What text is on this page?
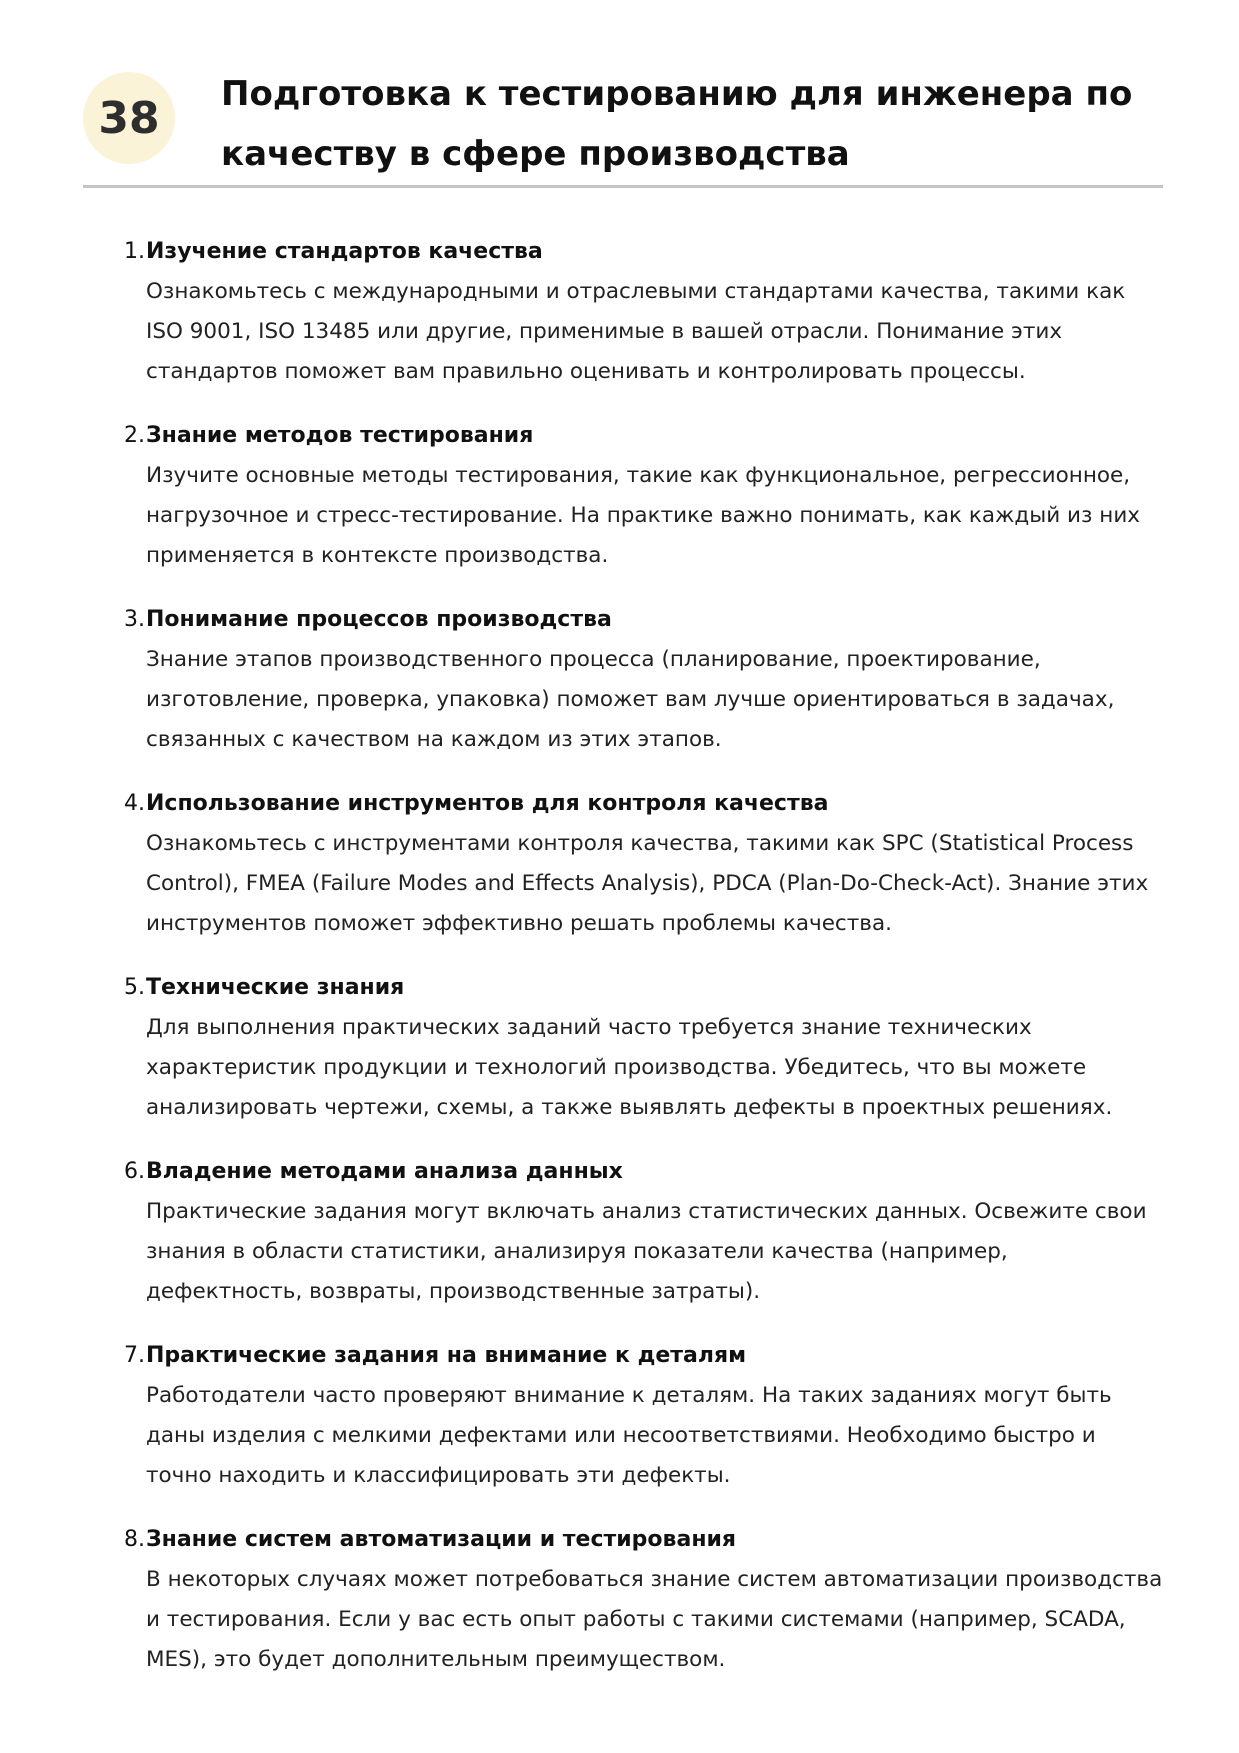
38	Подготовка к тестированию для инженера по качеству в сфере производства
1. Изучение стандартов качества

Ознакомьтесь с международными и отраслевыми стандартами качества, такими как ISO 9001, ISO 13485 или другие, применимые в вашей отрасли. Понимание этих стандартов поможет вам правильно оценивать и контролировать процессы.

2. Знание методов тестирования

Изучите основные методы тестирования, такие как функциональное, регрессионное, нагрузочное и стресс-тестирование. На практике важно понимать, как каждый из них применяется в контексте производства.

3. Понимание процессов производства

Знание этапов производственного процесса (планирование, проектирование, изготовление, проверка, упаковка) поможет вам лучше ориентироваться в задачах, связанных с качеством на каждом из этих этапов.

4. Использование инструментов для контроля качества

Ознакомьтесь с инструментами контроля качества, такими как SPC (Statistical Process Control), FMEA (Failure Modes and Effects Analysis), PDCA (Plan-Do-Check-Act). Знание этих инструментов поможет эффективно решать проблемы качества.

5. Технические знания

Для выполнения практических заданий часто требуется знание технических характеристик продукции и технологий производства. Убедитесь, что вы можете анализировать чертежи, схемы, а также выявлять дефекты в проектных решениях.

6. Владение методами анализа данных

Практические задания могут включать анализ статистических данных. Освежите свои знания в области статистики, анализируя показатели качества (например, дефектность, возвраты, производственные затраты).

7. Практические задания на внимание к деталям

Работодатели часто проверяют внимание к деталям. На таких заданиях могут быть даны изделия с мелкими дефектами или несоответствиями. Необходимо быстро и точно находить и классифицировать эти дефекты.

8. Знание систем автоматизации и тестирования

В некоторых случаях может потребоваться знание систем автоматизации производства и тестирования. Если у вас есть опыт работы с такими системами (например, SCADA, MES), это будет дополнительным преимуществом.
